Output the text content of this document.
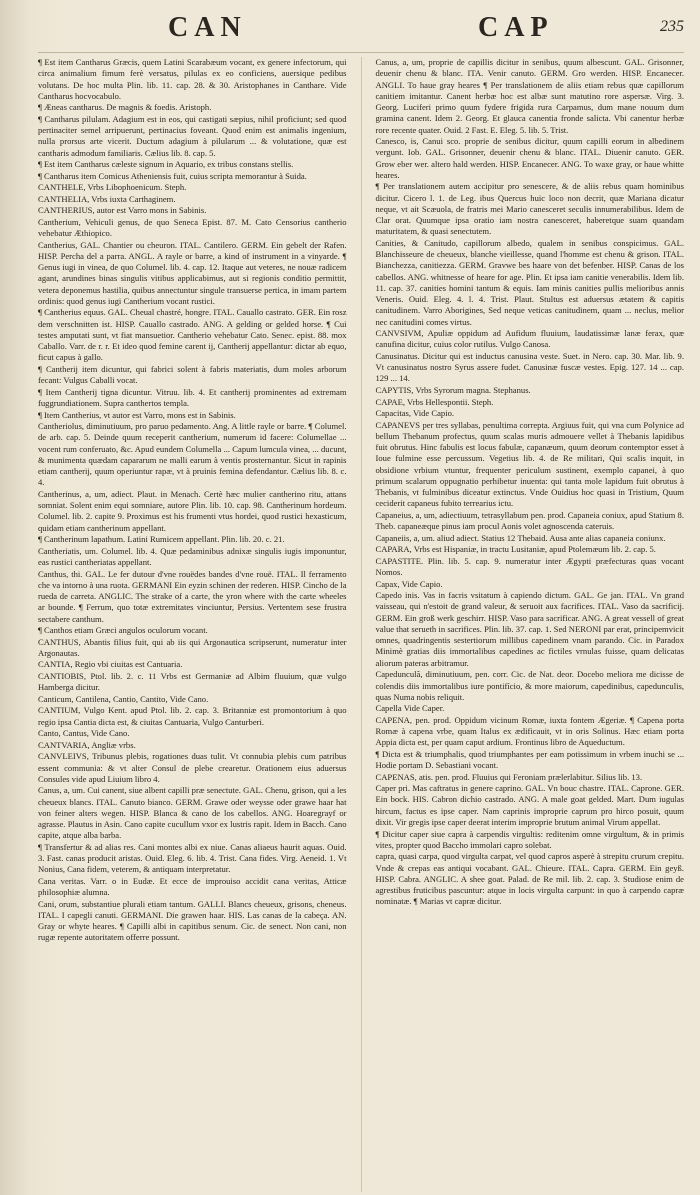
CAN	CAP	235

¶ Est item Cantharus Græcis, quem Latini Scarabæum vocant, ex genere infectorum, qui circa animalium fimum ferè versatus, pilulas ex eo conficiens, auersique pedibus volutans. De hoc multa Plin. lib. 11. cap. 28. & 30. Aristophanes in Canthare. Vide Cantharus hocvocabulo.

¶ Æneas cantharus. De magnis & foedis. Aristoph.

¶ Cantharus pilulam. Adagium est in eos, qui castigati sæpius, nihil proficiunt; sed quod pertinaciter semel arripuerunt, pertinacius foveant. Quod enim est animalis ingenium, nulla prorsus arte vicerit. Ductum adagium à pilularum ... & volutatione, quæ est cantharis admodum familiaris. Cælius lib. 8. cap. 5.

¶ Est item Cantharus cæleste signum in Aquario, ex tribus constans stellis.

¶ Cantharus item Comicus Atheniensis fuit, cuius scripta memorantur à Suida.

CANTHELE, Vrbs Libophoenicum. Steph.

CANTHELIA, Vrbs iuxta Carthaginem.

CANTHERIUS, autor est Varro mons in Sabinis.

Cantherium, Vehiculi genus, de quo Seneca Epist. 87. M. Cato Censorius cantherio vehebatur Æthiopico.

Cantherius, GAL. Chantier ou cheuron. ITAL. Cantilero. GERM. Ein gebelt der Rafen. HISP. Percha del a parra. ANGL. A rayle or barre, a kind of instrument in a vinyarde. ¶ Genus iugi in vinea, de quo Columel. lib. 4. cap. 12. Itaque aut veteres, ne nouæ radicem agant, arundines binas singulis vitibus applicabimus, aut si regionis conditio permittit, vetera deponemus hastilia, quibus annectuntur singule transuerse pertica, in imam partem ordinis: quod genus iugi Cantherium vocant rustici.

¶ Cantherius equus. GAL. Cheual chastré, hongre. ITAL. Cauallo castrato. GER. Ein rosz dem verschnitten ist. HISP. Cauallo castrado. ANG. A gelding or gelded horse. ¶ Cui testes amputati sunt, vt fiat mansuetior. Cantherio vehebatur Cato. Senec. epist. 88. mox Caballo. Varr. de r. r. Et ideo quod femine carent ij, Cantherij appellantur: dictar ab equo, ficut capus à gallo.

¶ Cantherij item dicuntur, qui fabrici solent à fabris materiatis, dum moles arborum fecant: Vulgus Caballi vocat.

¶ Item Cantherij tigna dicuntur. Vitruu. lib. 4. Et cantherij prominentes ad extremam fuggrundiationem. Supra canthertos templa.

¶ Item Cantherius, vt autor est Varro, mons est in Sabinis.

Cantheriolus, diminutiuum, pro paruo pedamento. Ang. A little rayle or barre. ¶ Columel. de arb. cap. 5. Deinde quum receperit cantherium, numerum id facere: Columellae ... vocent rum conferuato, &c. Apud eundem Columella ... Capum lumcula vinea, ... ducunt, & munimenta quædam capararum ne malli earum à ventis prosternantur. Sicut in rapinis etiam cantherij, quum operiuntur rapæ, vt à pruinis femina defendantur. Cælius lib. 8. c. 4.

Cantherinus, a, um, adiect. Plaut. in Menach. Certè hæc mulier cantherino ritu, attans somniat. Solent enim equi somniare, autore Plin. lib. 10. cap. 98. Cantherinum hordeum. Columel. lib. 2. capite 9. Proximus est his frumenti vtus hordei, quod rustici hexasticum, quidam etiam cantherinum appellant.

¶ Cantherinum lapathum. Latini Rumicem appellant. Plin. lib. 20. c. 21.

Cantheriatis, um. Columel. lib. 4. Quæ pedaminibus adnixæ singulis iugis imponuntur, eas rustici cantheriatas appellant.

Canthus, thi. GAL. Le fer dutour d'vne rouëdes bandes d'vne rouë. ITAL. Il ferramento che va intorno à una ruota. GERMANI Ein eyzin schinen der rederen. HISP. Cincho de la rueda de carreta. ANGLIC. The strake of a carte, the yron where with the carte wheeles ar bounde. ¶ Ferrum, quo totæ extremitates vinciuntur, Persius. Vertentem sese frustra sectabere canthum.

¶ Canthos etiam Græci angulos oculorum vocant.

CANTHUS, Abantis filius fuit, qui ab iis qui Argonautica scripserunt, numeratur inter Argonautas.

CANTIA, Regio vbi ciuitas est Cantuaria.

CANTIOBIS, Ptol. lib. 2. c. 11 Vrbs est Germaniæ ad Albim fluuium, quæ vulgo Hamberga dicitur.

Canticum, Cantilena, Cantio, Cantito, Vide Cano.

CANTIUM, Vulgo Kent. apud Ptol. lib. 2. cap. 3. Britanniæ est promontorium à quo regio ipsa Cantia dicta est, & ciuitas Cantuaria, Vulgo Canturberi.

Canto, Cantus, Vide Cano.

CANTVARIA, Angliæ vrbs.

CANVLEIVS, Tribunus plebis, rogationes duas tulit. Vt connubia plebis cum patribus essent communia: & vt alter Consul de plebe crearetur. Orationem eius aduersus Consules vide apud Liuium libro 4.

Canus, a, um. Cui canent, siue albent capilli præ senectute. GAL. Chenu, grison, qui a les cheueux blancs. ITAL. Canuto bianco. GERM. Grawe oder weysse oder grawe haar hat von feiner alters wegen. HISP. Blanca & cano de los cabellos. ANG. Hoaregrayf or agrasse. Plautus in Asin. Cano capite cucullum vxor ex lustris rapit. Idem in Bacch. Cano capite, atque alba barba.

¶ Transfertur & ad alias res. Cani montes albi ex niue. Canas aliaeus haurit aquas. Ouid. 3. Fast. canas producit aristas. Ouid. Eleg. 6. lib. 4. Trist. Cana fides. Virg. Aeneid. 1. Vt Nonius, Cana fidem, veterem, & antiquam interpretatur.

Cana veritas. Varr. o in Eudæ. Et ecce de improuiso accidit cana veritas, Atticæ philosophiæ alumna.

Cani, orum, substantiue plurali etiam tantum. GALLI. Blancs cheueux, grisons, cheneus. ITAL. I capegli canuti. GERMANI. Die grawen haar. HIS. Las canas de la cabeça. AN. Gray or whyte heares. ¶ Capilli albi in capitibus senum. Cic. de senect. Non cani, non rugæ repente autoritatem offerre possunt.

Canus, a, um, proprie de capillis dicitur in senibus, quum albescunt. GAL. Grisonner, deuenir chenu & blanc. ITA. Venir canuto. GERM. Gro werden. HISP. Encanecer. ANGLI. To haue gray heares ¶ Per translationem de aliis etiam rebus quæ capillorum canitiem imitantur. Canent herbæ hoc est albæ sunt matutino rore aspersæ. Virg. 3. Georg. Luciferi primo quum fydere frigida rura Carpamus, dum mane nouum dum gramina canent. Idem 2. Georg. Et glauca canentia fronde salicta. Vbi canentur herbæ rore recente quater. Ouid. 2 Fast. E. Eleg. 5. lib. 5. Trist.

Canesco, is, Canui sco. proprie de senibus dicitur, quum capilli eorum in albedinem vergunt. Iob. GAL. Grisonner, deuenir chenu & blanc. ITAL. Diuenir canuto. GER. Grow eber wer. altero hald werden. HISP. Encanecer. ANG. To waxe gray, or haue whitte heares.

¶ Per translationem autem accipitur pro senescere, & de aliis rebus quam hominibus dicitur. Cicero l. 1. de Leg. ibus Quercus huic loco non decrit, quæ Mariana dicatur neque, vt ait Scæuola, de fratris mei Mario canesceret seculis innumerabilibus. Idem de Clar orat. Quumque ipsa oratio iam nostra canesceret, haberetque suam quandam maturitatem, & quasi senectutem.

Canities, & Canitudo, capillorum albedo, qualem in senibus conspicimus. GAL. Blanchisseure de cheueux, blanche vieillesse, quand l'homme est chenu & grison. ITAL. Bianchezza, canitiezza. GERM. Gravwe bes haare von det befenber. HISP. Canas de los cabellos. ANG. whitnesse of heare for age. Plin. Et ipsa iam canitie venerabilis. Idem lib. 11. cap. 37. canities homini tantum & equis. Iam minis canities pullis melioribus annis Veneris. Ouid. Eleg. 4. l. 4. Trist. Plaut. Stultus est aduersus ætatem & capitis canitudinem. Varro Aborigines, Sed neque veticas canitudinem, quam ... neclus, melior nec canitudini comes virtus.

CANVSIVM, Apuliæ oppidum ad Aufidum fluuium, laudatissimæ lanæ ferax, quæ canufina dicitur, cuius color rutilus. Vulgo Canosa.

Canusinatus. Dicitur qui est inductus canusina veste. Suet. in Nero. cap. 30. Mar. lib. 9. Vt canusinatus nostro Syrus assere fudet. Canusinæ fuscæ vestes. Epig. 127. 14 ... cap. 129 ... 14.

CAPYTIS, Vrbs Syrorum magna. Stephanus.

CAPAE, Vrbs Hellespontii. Steph.

Capacitas, Vide Capio.

CAPANEVS per tres syllabas, penultima correpta. Argiuus fuit, qui vna cum Polynice ad bellum Thebanum profectus, quum scalas muris admouere vellet à Thebanis lapidibus fuit obrutus. Hinc fabulis est locus fabulæ, capanæum, quum deorum contemptor esset à Ioue fulmine esse percussum. Vegetius lib. 4. de Re militari, Qui scalis inquit, in obsidione vrbium vtuntur, frequenter periculum sustinent, exemplo capanei, à quo primum scalarum oppugnatio perhibetur inuenta: qui tanta mole lapidum fuit obrutus à Thebanis, vt fulminibus diceatur extinctus. Vnde Ouidius hoc quasi in Tristium, Quum ceciderit capaneus fubito terrearius ictu.

Capaneius, a, um, adiectiuum, tetrasyllabum pen. prod. Capaneia coniux, apud Statium 8. Theb. capaneæque pinus iam procul Aonis volet agnoscenda cateruis.

Capaneiis, a, um. aliud adiect. Statius 12 Thebaid. Ausa ante alias capaneia coniunx.

CAPARA, Vrbs est Hispaniæ, in tractu Lusitaniæ, apud Ptolemæum lib. 2. cap. 5.

CAPASTITE. Plin. lib. 5. cap. 9. numeratur inter Ægypti præfecturas quas vocant Nomos.

Capax, Vide Capio.

Capedo inis. Vas in facris vsitatum à capiendo dictum. GAL. Ge jan. ITAL. Vn grand vaisseau, qui n'estoit de grand valeur, & seruoit aux facrifices. ITAL. Vaso da sacrificij. GERM. Ein groß werk geschirr. HISP. Vaso para sacrificar. ANG. A great vessell of great value that serueth in sacrifices. Plin. lib. 37. cap. 1. Sed NERONI par erat, principemvicit omnes, quadringentis sestertiorum millibus capedinem vnam parando. Cic. in Paradox Minimè gratias diis immortalibus capedines ac fictiles vrnulas fuisse, quam delicatas aliorum pateras arbitramur.

Capedunculã, diminutiuum, pen. corr. Cic. de Nat. deor. Docebo meliora me dicisse de colendis diis immortalibus iure pontifício, & more maiorum, capedinibus, capedunculis, quas Numa nobis reliquit.

Capella Vide Caper.

CAPENA, pen. prod. Oppidum vicinum Romæ, iuxta fontem Ægeriæ. ¶ Capena porta Romæ à capena vrbe, quam Italus ex ædificauit, vt in oris Solinus. Hæc etiam porta Appia dicta est, per quam caput ardium. Frontinus libro de Aqueductum.

¶ Dicta est & triumphalis, quod triumphantes per eam potissimum in vrbem inuchi se ... Hodie portam D. Sebastiani vocant.

CAPENAS, atis. pen. prod. Fluuius qui Feroniam prælerlabitur. Silius lib. 13.

Caper pri. Mas caftratus in genere caprino. GAL. Vn bouc chastre. ITAL. Caprone. GER. Ein bock. HIS. Cabron dichio castrado. ANG. A male goat gelded. Mart. Dum iugulas hircum, factus es ipse caper. Nam caprinis improprie caprum pro hirco posuit, quum dixit. Vir gregis ipse caper deerat interim improprie brutum animal Virum appellat.

¶ Dicitur caper siue capra à carpendis virgultis: reditenim omne virgultum, & in primis vites, propter quod Baccho immolari capro solebat.

capra, quasi carpa, quod virgulta carpat, vel quod capros asperè à strepitu crurum crepitu. Vnde & crepas eas antiqui vocabant. GAL. Chieure. ITAL. Capra. GERM. Ein geyß. HISP. Cabra. ANGLIC. A shee goat. Palad. de Re mil. lib. 2. cap. 3. Studiose enim de agrestibus fruticibus pascuntur: atque in locis virgulta carpunt: in quo à carpendo capræ nominatæ. ¶ Marias vt capræ dicitur.
